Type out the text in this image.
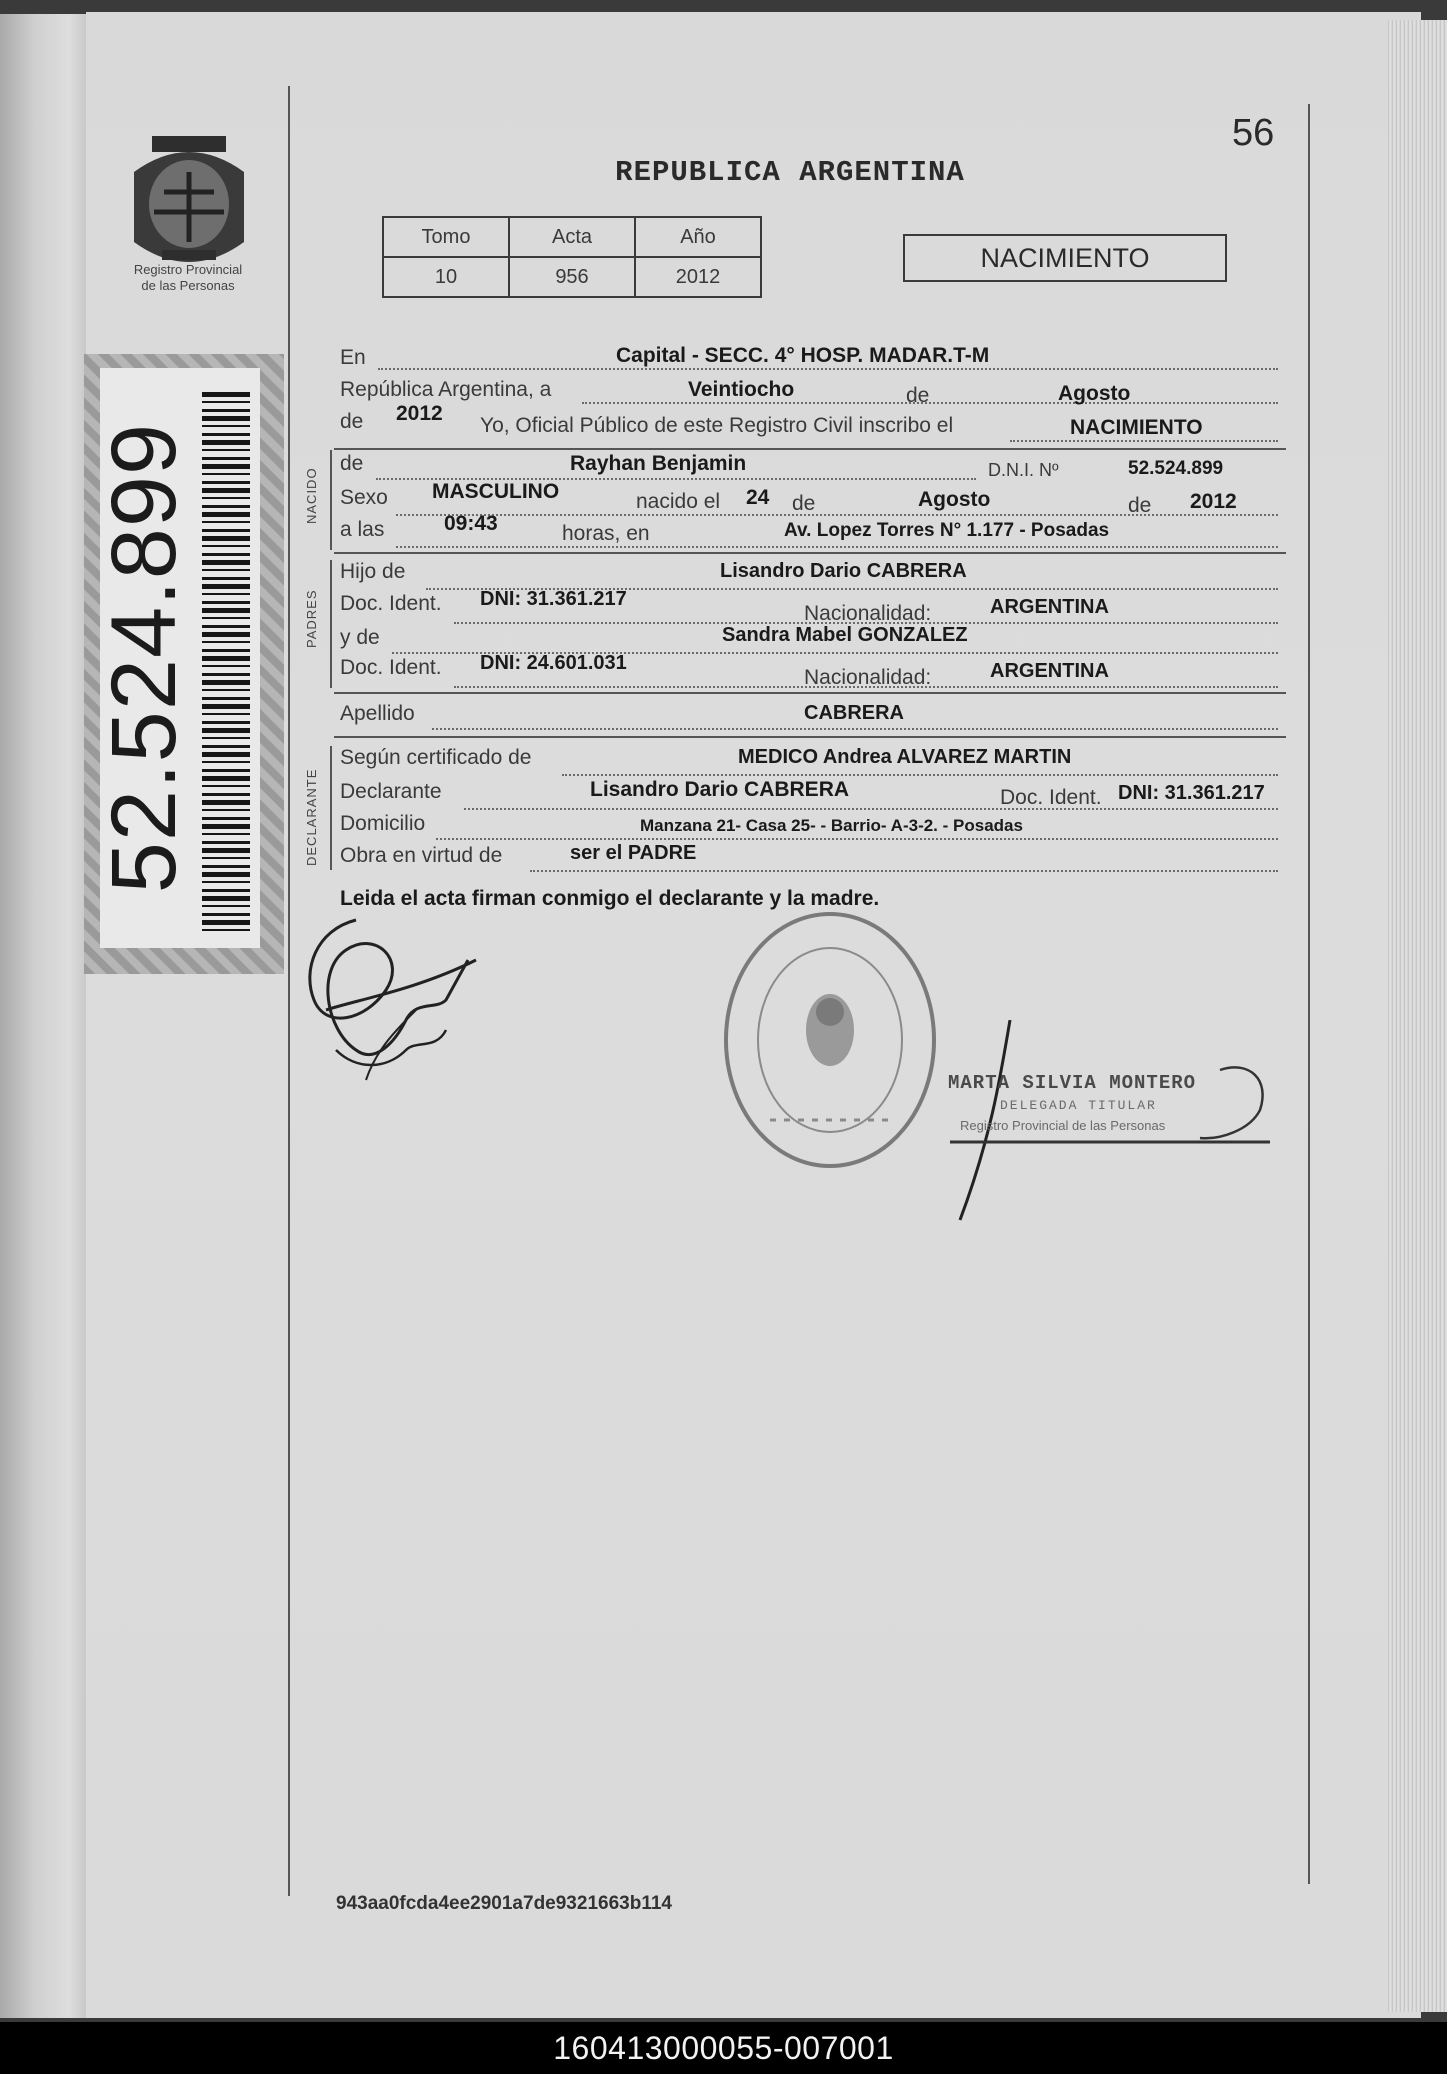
Registro Provincial
de las Personas
52.524.899
56
REPUBLICA ARGENTINA
Tomo	Acta	Año
10	956	2012
NACIMIENTO
NACIDO
PADRES
DECLARANTE
En	Capital - SECC. 4° HOSP. MADAR.T-M
República Argentina, a	Veintiocho	de	Agosto
de 2012
Yo, Oficial Público de este Registro Civil inscribo el	NACIMIENTO
de	Rayhan Benjamin	D.N.I. Nº	52.524.899
Sexo MASCULINO	nacido el 24 de	Agosto	de 2012
a las	09:43	horas, en	Av. Lopez Torres N° 1.177 - Posadas
Hijo de	Lisandro Dario CABRERA
Doc. Ident. DNI: 31.361.217
Nacionalidad:	ARGENTINA
y de	Sandra Mabel GONZALEZ
Doc. Ident. DNI: 24.601.031
Nacionalidad:	ARGENTINA
Apellido	CABRERA
Según certificado de	MEDICO Andrea ALVAREZ MARTIN
Declarante	Lisandro Dario CABRERA	Doc. Ident. DNI: 31.361.217
Domicilio	Manzana 21- Casa 25- - Barrio- A-3-2. - Posadas
Obra en virtud de	ser el PADRE
Leida el acta firman conmigo el declarante y la madre.
MARTA SILVIA MONTERO
DELEGADA TITULAR
Registro Provincial de las Personas
943aa0fcda4ee2901a7de9321663b114
160413000055-007001
